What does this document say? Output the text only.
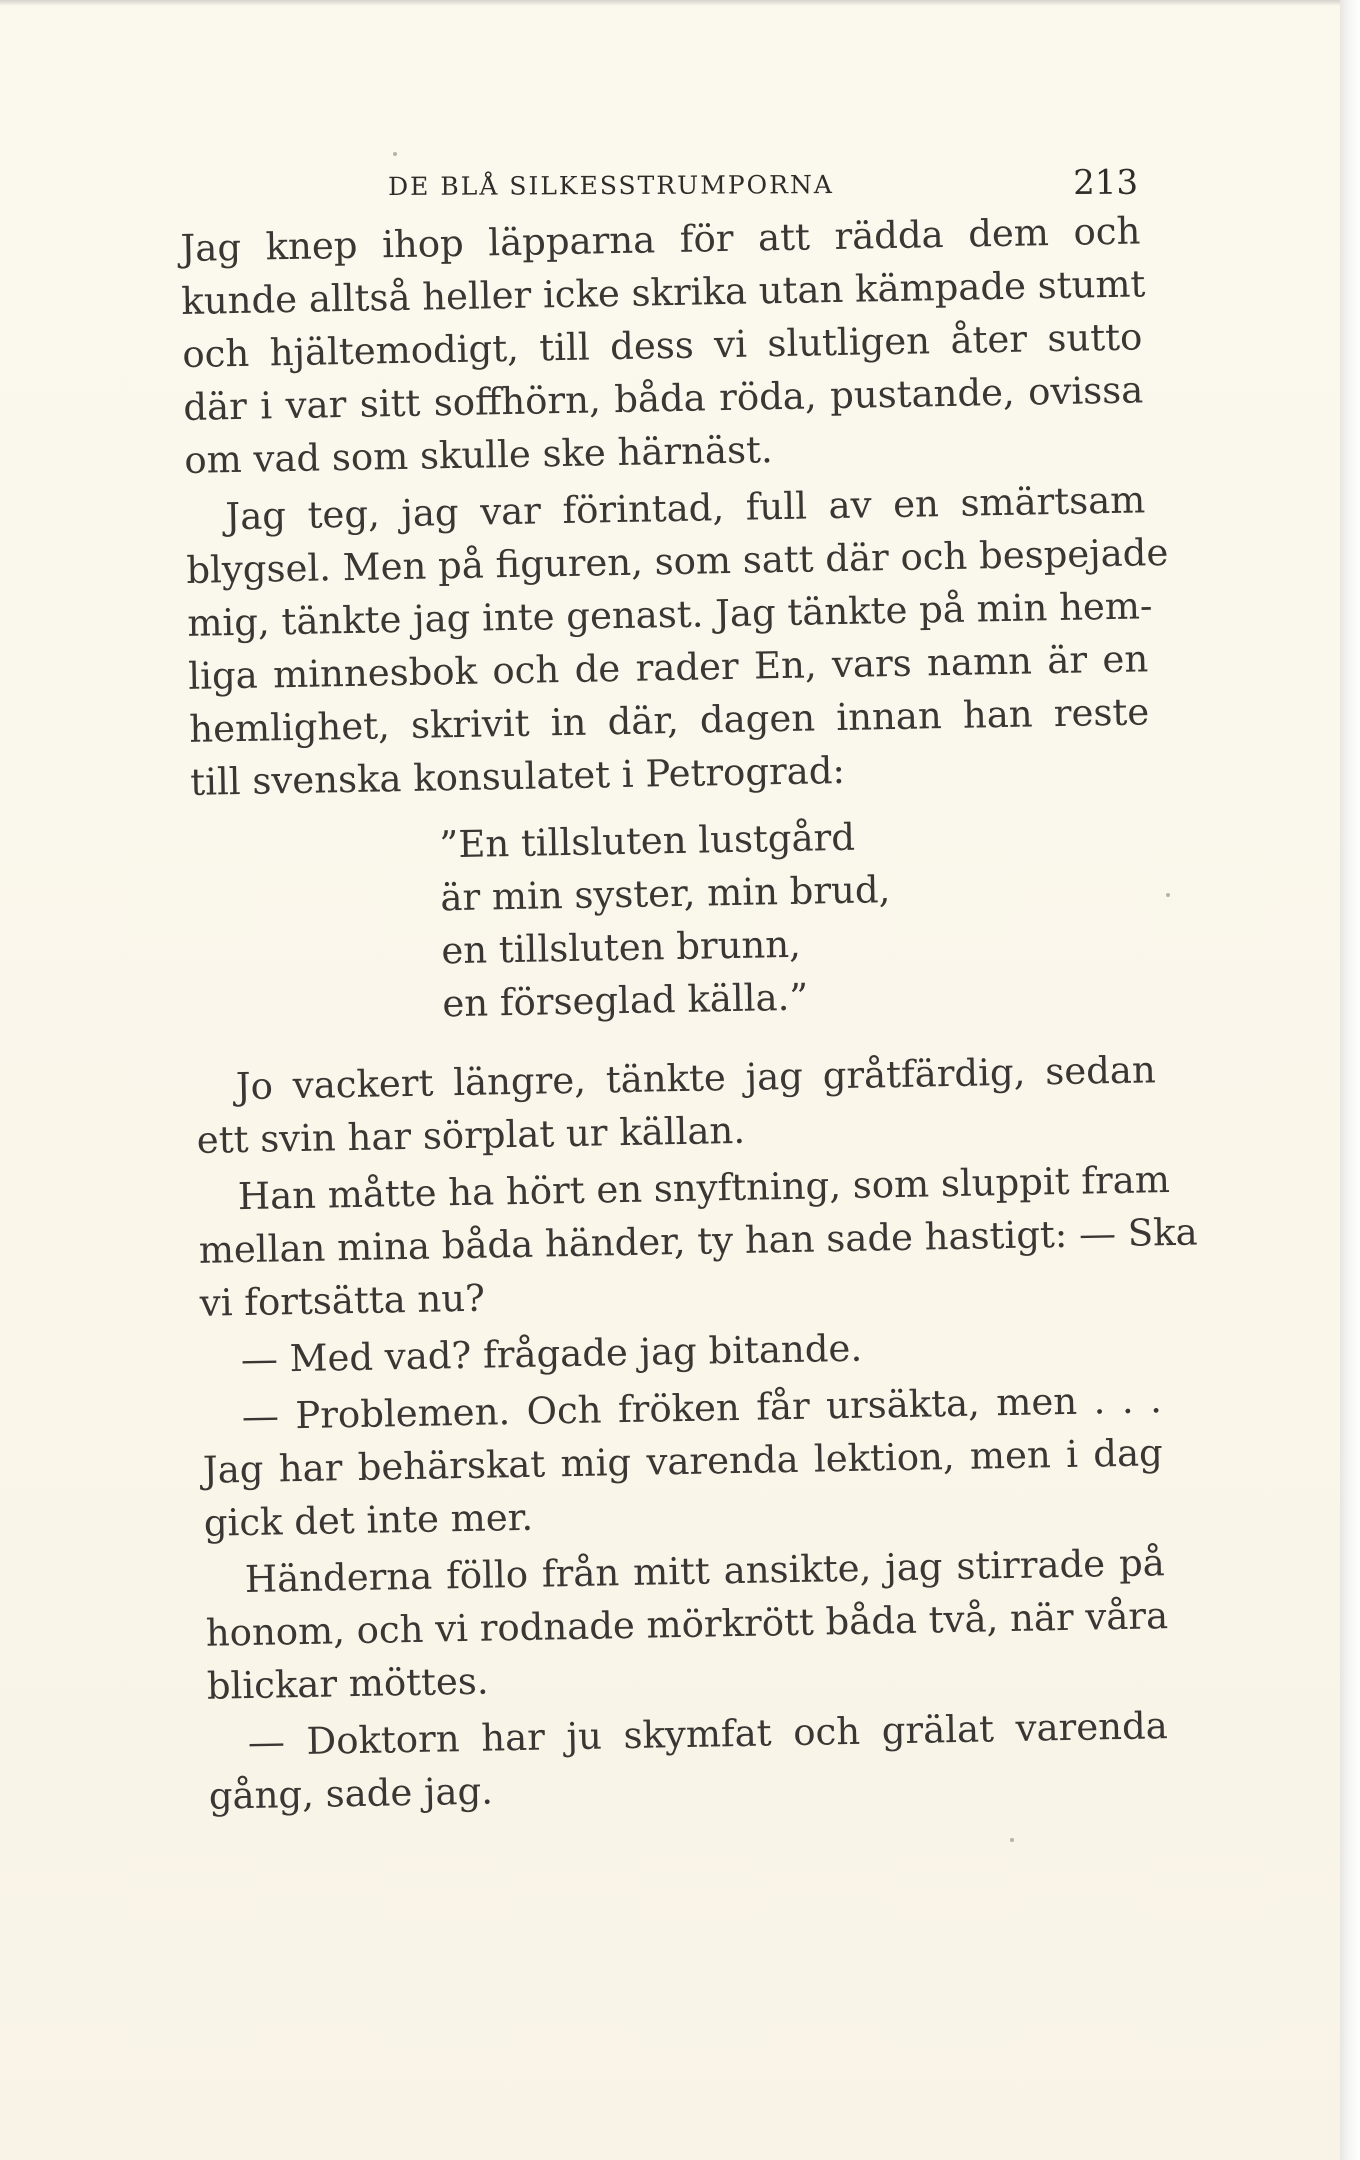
DE BLÅ SILKESSTRUMPORNA	213
Jag knep ihop läpparna för att rädda dem och
kunde alltså heller icke skrika utan kämpade stumt
och hjältemodigt, till dess vi slutligen åter sutto
där i var sitt soffhörn, båda röda, pustande, ovissa
om vad som skulle ske härnäst.
Jag teg, jag var förintad, full av en smärtsam
blygsel. Men på figuren, som satt där och bespejade
mig, tänkte jag inte genast. Jag tänkte på min hem-
liga minnesbok och de rader En, vars namn är en
hemlighet, skrivit in där, dagen innan han reste
till svenska konsulatet i Petrograd:
”En tillsluten lustgård
är min syster, min brud,
en tillsluten brunn,
en förseglad källa.”
Jo vackert längre, tänkte jag gråtfärdig, sedan
ett svin har sörplat ur källan.
Han måtte ha hört en snyftning, som sluppit fram
mellan mina båda händer, ty han sade hastigt: — Ska
vi fortsätta nu?
— Med vad? frågade jag bitande.
— Problemen. Och fröken får ursäkta, men . . .
Jag har behärskat mig varenda lektion, men i dag
gick det inte mer.
Händerna föllo från mitt ansikte, jag stirrade på
honom, och vi rodnade mörkrött båda två, när våra
blickar möttes.
— Doktorn har ju skymfat och grälat varenda
gång, sade jag.
